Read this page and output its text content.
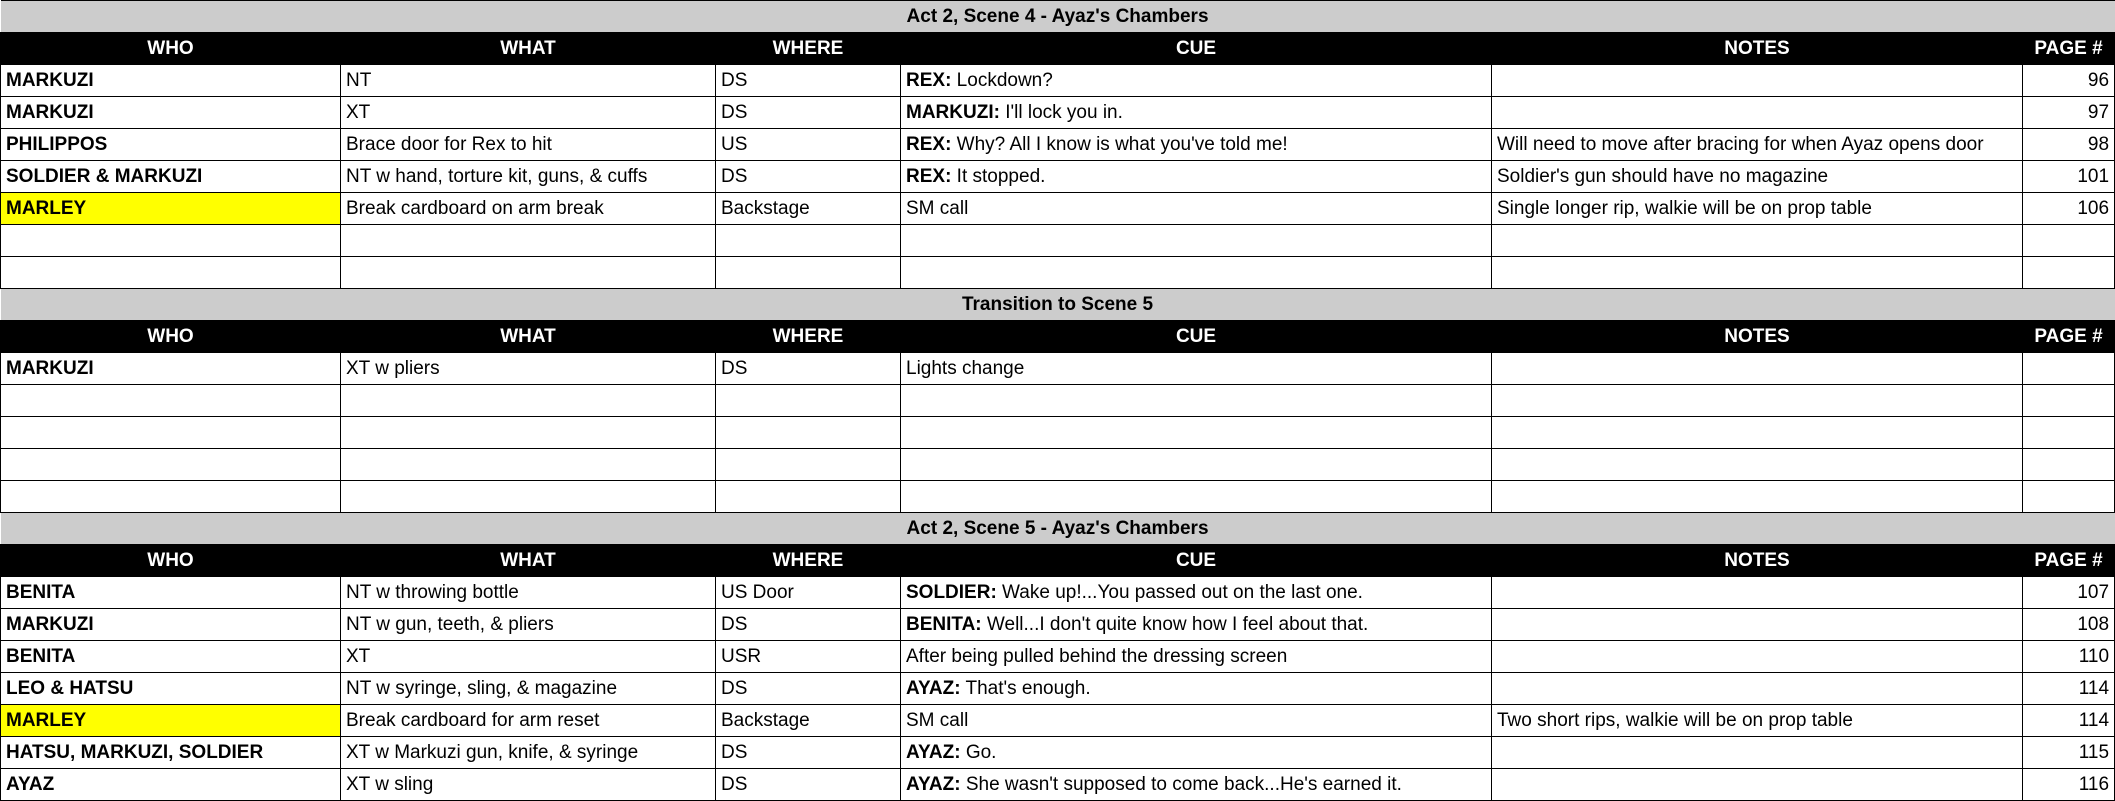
Act 2, Scene 4 - Ayaz's Chambers					
WHO	WHAT	WHERE	CUE	NOTES	PAGE #
MARKUZI	NT	DS	REX: Lockdown?		96
MARKUZI	XT	DS	MARKUZI: I'll lock you in.		97
PHILIPPOS	Brace door for Rex to hit	US	REX: Why? All I know is what you've told me!	Will need to move after bracing for when Ayaz opens door	98
SOLDIER & MARKUZI	NT w hand, torture kit, guns, & cuffs	DS	REX: It stopped.	Soldier's gun should have no magazine	101
MARLEY	Break cardboard on arm break	Backstage	SM call	Single longer rip, walkie will be on prop table	106

Transition to Scene 5					
WHO	WHAT	WHERE	CUE	NOTES	PAGE #
MARKUZI	XT w pliers	DS	Lights change		

Act 2, Scene 5 - Ayaz's Chambers					
WHO	WHAT	WHERE	CUE	NOTES	PAGE #
BENITA	NT w throwing bottle	US Door	SOLDIER: Wake up!...You passed out on the last one.		107
MARKUZI	NT w gun, teeth, & pliers	DS	BENITA: Well...I don't quite know how I feel about that.		108
BENITA	XT	USR	After being pulled behind the dressing screen		110
LEO & HATSU	NT w syringe, sling, & magazine	DS	AYAZ: That's enough.		114
MARLEY	Break cardboard for arm reset	Backstage	SM call	Two short rips, walkie will be on prop table	114
HATSU, MARKUZI, SOLDIER	XT w Markuzi gun, knife, & syringe	DS	AYAZ: Go.		115
AYAZ	XT w sling	DS	AYAZ: She wasn't supposed to come back...He's earned it.		116
